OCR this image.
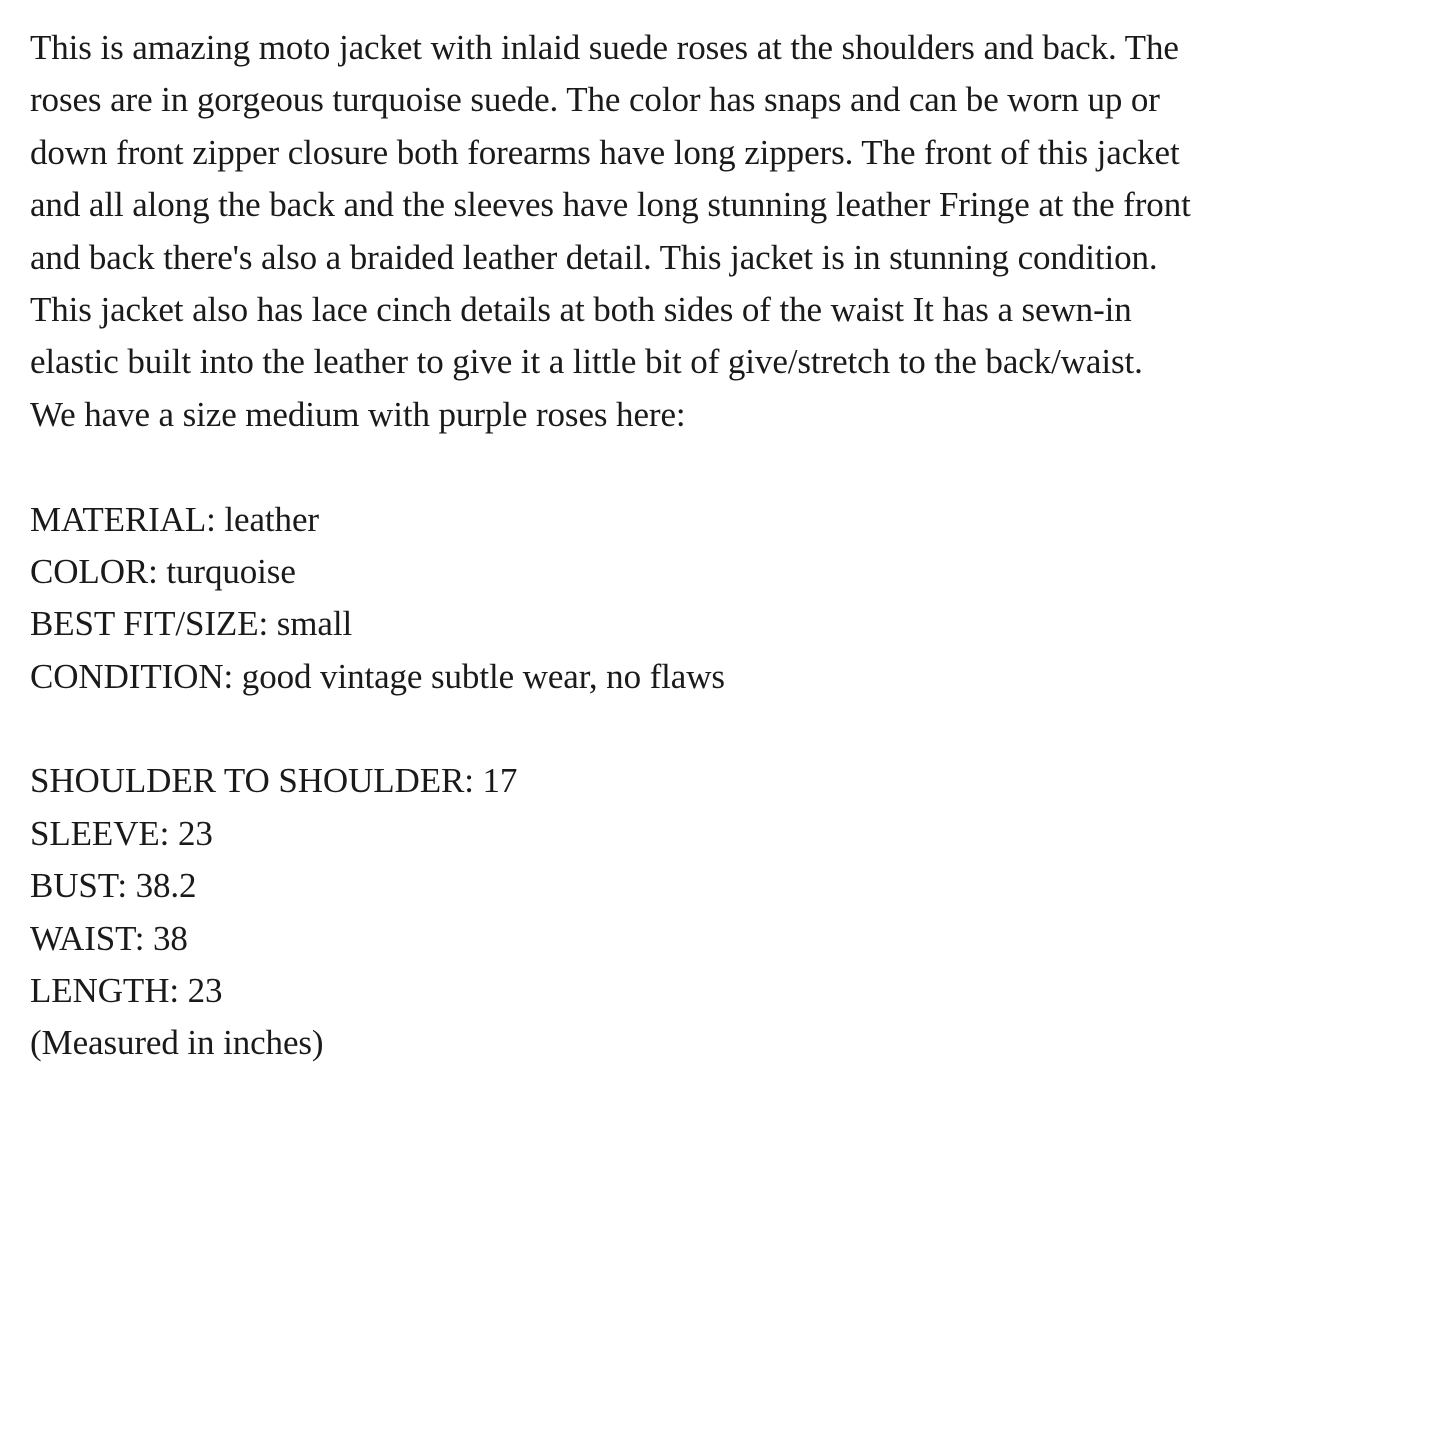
This is amazing moto jacket with inlaid suede roses at the shoulders and back. The
roses are in gorgeous turquoise suede. The color has snaps and can be worn up or
down front zipper closure both forearms have long zippers. The front of this jacket
and all along the back and the sleeves have long stunning leather Fringe at the front
and back there's also a braided leather detail. This jacket is in stunning condition.
This jacket also has lace cinch details at both sides of the waist It has a sewn-in
elastic built into the leather to give it a little bit of give/stretch to the back/waist.
We have a size medium with purple roses here:
MATERIAL: leather
COLOR: turquoise
BEST FIT/SIZE: small
CONDITION: good vintage subtle wear, no flaws
SHOULDER TO SHOULDER: 17
SLEEVE: 23
BUST: 38.2
WAIST: 38
LENGTH: 23
(Measured in inches)
